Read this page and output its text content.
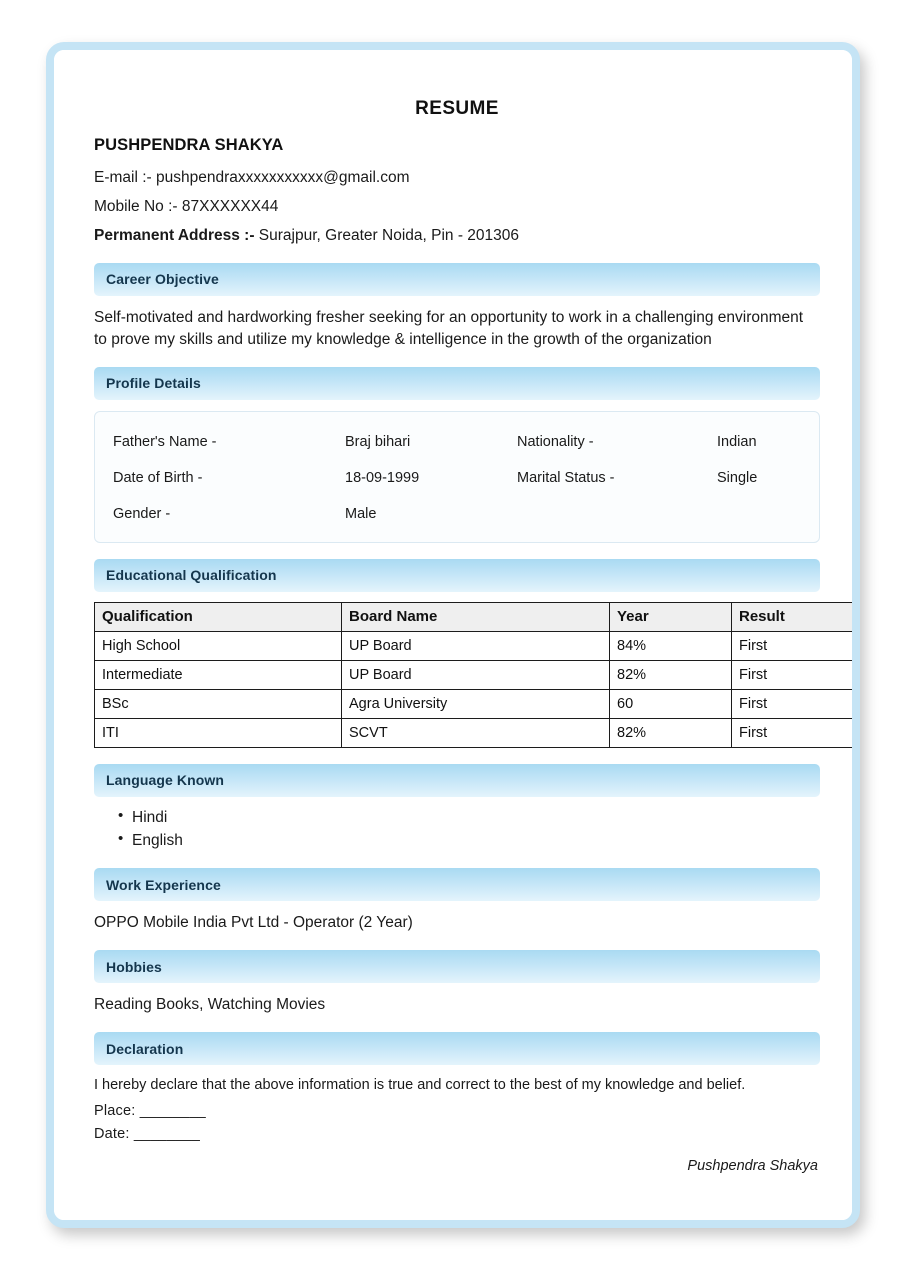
RESUME
PUSHPENDRA SHAKYA
E-mail :- pushpendraxxxxxxxxxxx@gmail.com
Mobile No :- 87XXXXXX44
Permanent Address :- Surajpur, Greater Noida, Pin - 201306
Career Objective
Self-motivated and hardworking fresher seeking for an opportunity to work in a challenging environment to prove my skills and utilize my knowledge & intelligence in the growth of the organization
Profile Details
Father's Name -	Braj bihari	Nationality -	Indian
Date of Birth -	18-09-1999	Marital Status -	Single
Gender -	Male
Educational Qualification
Qualification	Board Name	Year	Result
High School	UP Board	84%	First
Intermediate	UP Board	82%	First
BSc	Agra University	60	First
ITI	SCVT	82%	First
Language Known
• Hindi
• English
Work Experience
OPPO Mobile India Pvt Ltd - Operator (2 Year)
Hobbies
Reading Books, Watching Movies
Declaration
I hereby declare that the above information is true and correct to the best of my knowledge and belief.
Place: ________
Date: ________
Pushpendra Shakya
